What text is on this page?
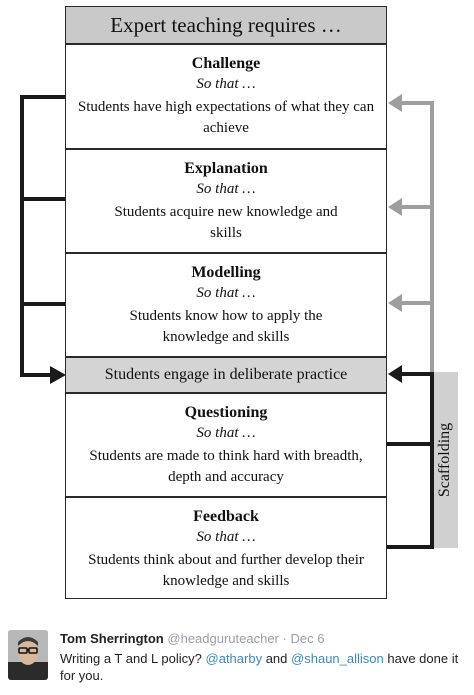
Scaffolding
Expert teaching requires …
Challenge
So that …
Students have high expectations of what they can achieve
Explanation
So that …
Students acquire new knowledge and skills
Modelling
So that …
Students know how to apply the knowledge and skills
Students engage in deliberate practice
Questioning
So that …
Students are made to think hard with breadth, depth and accuracy
Feedback
So that …
Students think about and further develop their knowledge and skills
Tom Sherrington @headguruteacher · Dec 6
Writing a T and L policy? @atharby and @shaun_allison have done it for you.
